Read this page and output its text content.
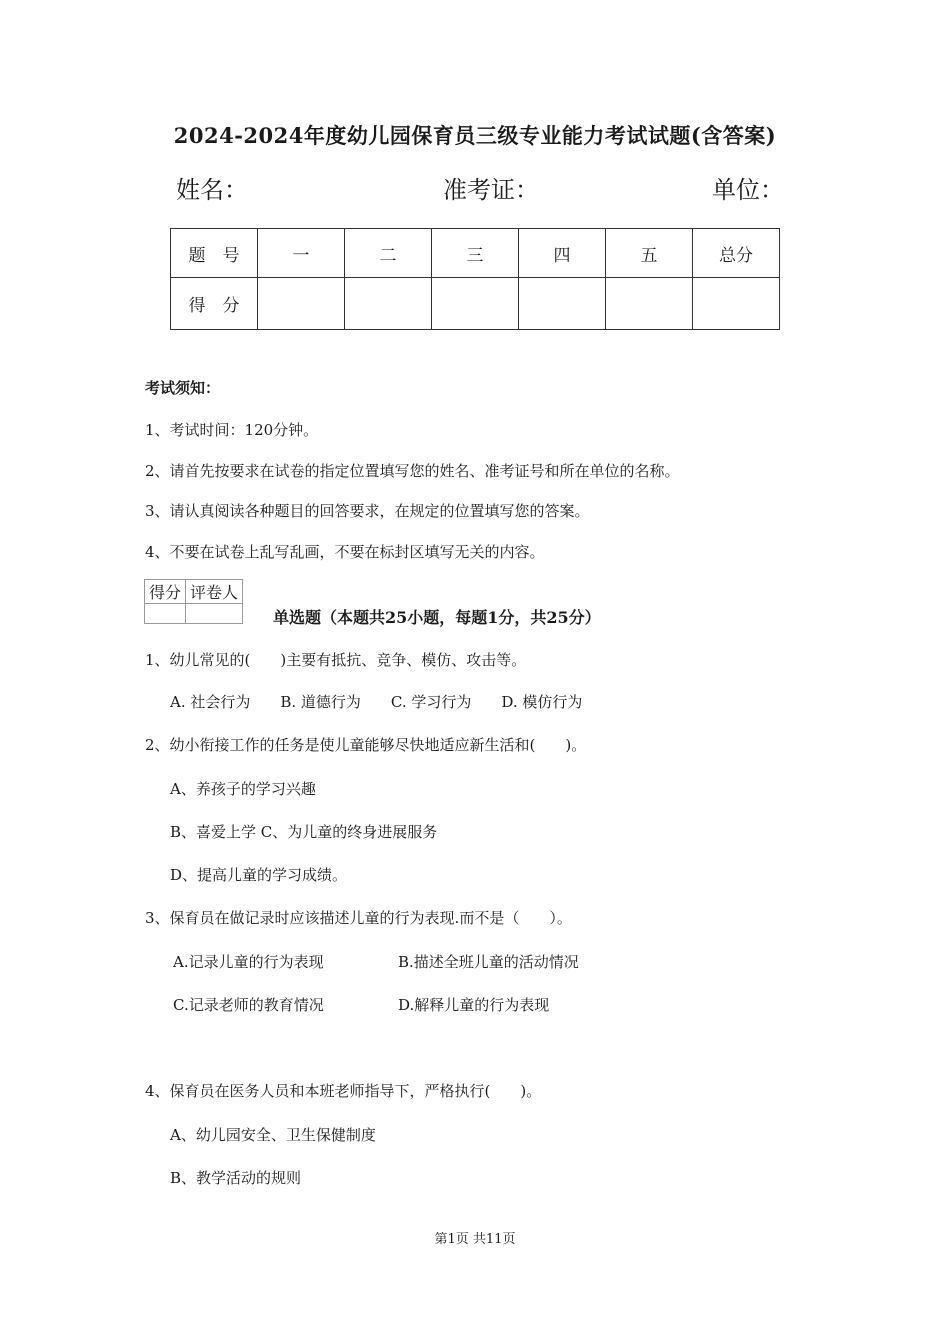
2024-2024年度幼儿园保育员三级专业能力考试试题(含答案)
姓名：	准考证：	单位：
题　号	一	二	三	四	五	总分
得　分						
考试须知：
1、考试时间：120分钟。
2、请首先按要求在试卷的指定位置填写您的姓名、准考证号和所在单位的名称。
3、请认真阅读各种题目的回答要求，在规定的位置填写您的答案。
4、不要在试卷上乱写乱画，不要在标封区填写无关的内容。
得分	评卷人

单选题（本题共25小题，每题1分，共25分）
1、幼儿常见的(　　)主要有抵抗、竞争、模仿、攻击等。
A. 社会行为　　B. 道德行为　　C. 学习行为　　D. 模仿行为
2、幼小衔接工作的任务是使儿童能够尽快地适应新生活和(　　)。
A、养孩子的学习兴趣
B、喜爱上学 C、为儿童的终身进展服务
D、提高儿童的学习成绩。
3、保育员在做记录时应该描述儿童的行为表现.而不是（　　）。
A.记录儿童的行为表现	B.描述全班儿童的活动情况
C.记录老师的教育情况	D.解释儿童的行为表现
4、保育员在医务人员和本班老师指导下，严格执行(　　)。
A、幼儿园安全、卫生保健制度
B、教学活动的规则
第1页 共11页
